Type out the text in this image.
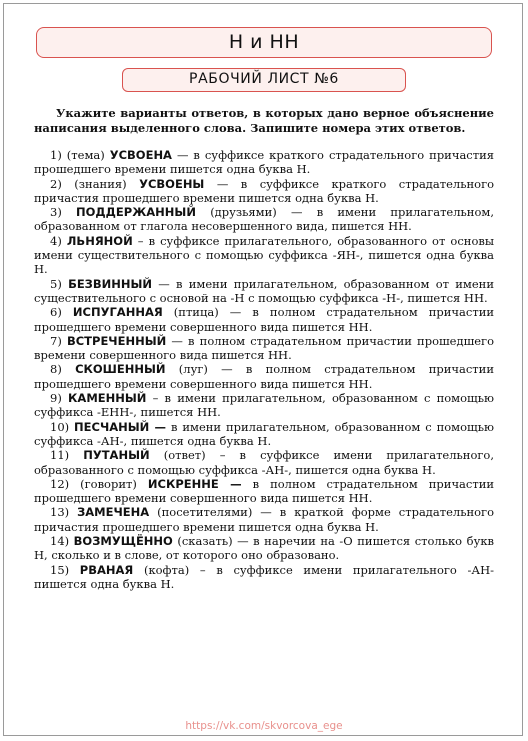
Н и НН
РАБОЧИЙ ЛИСТ №6

Укажите варианты ответов, в которых дано верное объяснение написания выделенного слова. Запишите номера этих ответов.

1) (тема) УСВОЕНА — в суффиксе краткого страдательного причастия прошедшего времени пишется одна буква Н.
2) (знания) УСВОЕНЫ — в суффиксе краткого страдательного причастия прошедшего времени пишется одна буква Н.
3) ПОДДЕРЖАННЫЙ (друзьями) — в имени прилагательном, образованном от глагола несовершенного вида, пишется НН.
4) ЛЬНЯНОЙ – в суффиксе прилагательного, образованного от основы имени существительного с помощью суффикса -ЯН-, пишется одна буква Н.
5) БЕЗВИННЫЙ — в имени прилагательном, образованном от имени существительного с основой на -Н с помощью суффикса -Н-, пишется НН.
6) ИСПУГАННАЯ (птица) — в полном страдательном причастии прошедшего времени совершенного вида пишется НН.
7) ВСТРЕЧЕННЫЙ — в полном страдательном причастии прошедшего времени совершенного вида пишется НН.
8) СКОШЕННЫЙ (луг) — в полном страдательном причастии прошедшего времени совершенного вида пишется НН.
9) КАМЕННЫЙ – в имени прилагательном, образованном с помощью суффикса -ЕНН-, пишется НН.
10) ПЕСЧАНЫЙ — в имени прилагательном, образованном с помощью суффикса -АН-, пишется одна буква Н.
11) ПУТАНЫЙ (ответ) – в суффиксе имени прилагательного, образованного с помощью суффикса -АН-, пишется одна буква Н.
12) (говорит) ИСКРЕННЕ — в полном страдательном причастии прошедшего времени совершенного вида пишется НН.
13) ЗАМЕЧЕНА (посетителями) — в краткой форме страдательного причастия прошедшего времени пишется одна буква Н.
14) ВОЗМУЩЁННО (сказать) — в наречии на -О пишется столько букв Н, сколько и в слове, от которого оно образовано.
15) РВАНАЯ (кофта) – в суффиксе имени прилагательного -АН- пишется одна буква Н.
https://vk.com/skvorcova_ege
